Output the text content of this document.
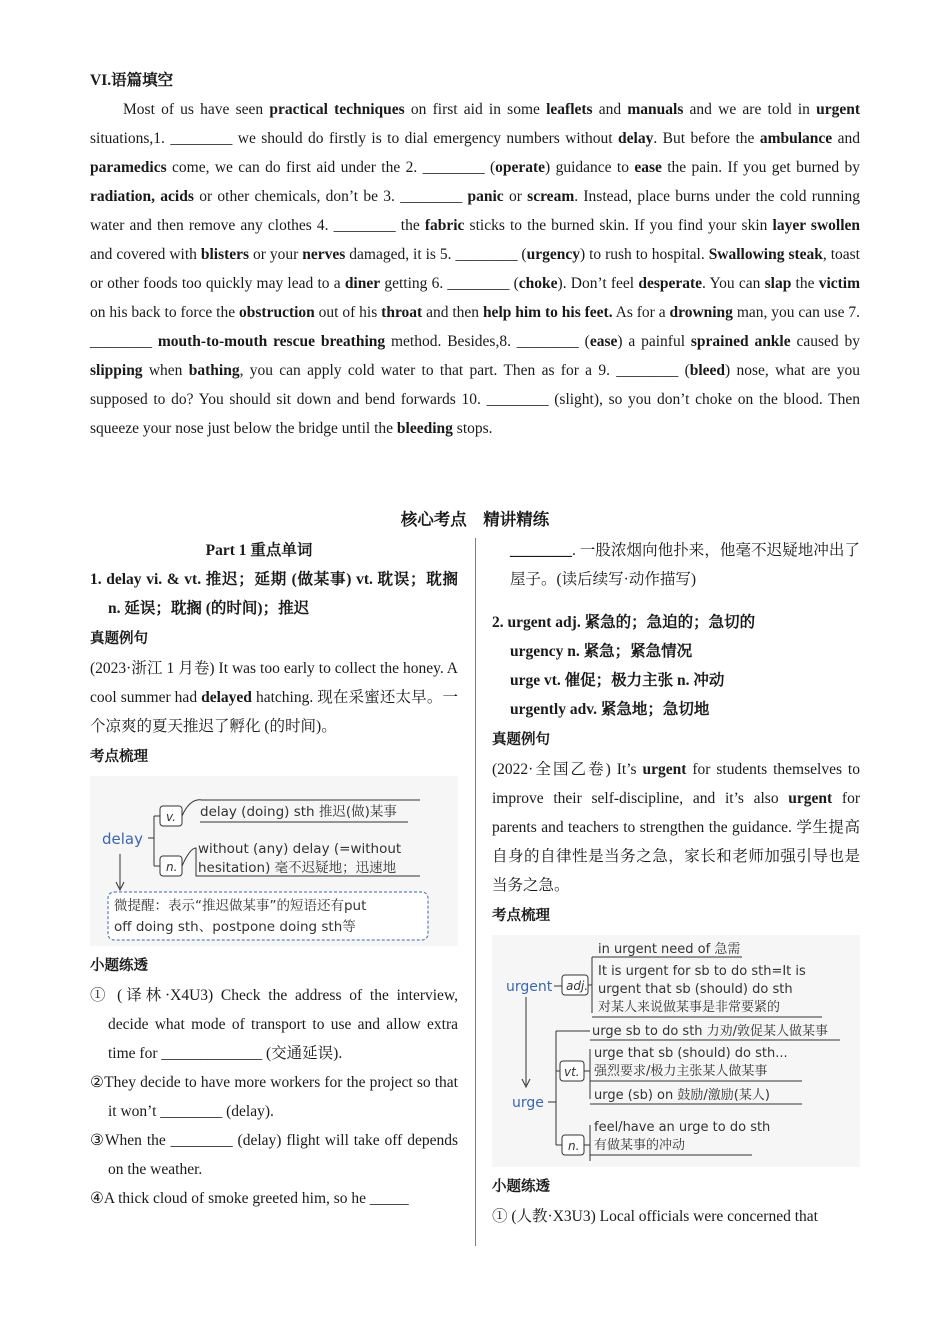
VI.语篇填空
Most of us have seen practical techniques on first aid in some leaflets and manuals and we are told in urgent situations,1. ________ we should do firstly is to dial emergency numbers without delay. But before the ambulance and paramedics come, we can do first aid under the 2. ________ (operate) guidance to ease the pain. If you get burned by radiation, acids or other chemicals, don’t be 3. ________ panic or scream. Instead, place burns under the cold running water and then remove any clothes 4. ________ the fabric sticks to the burned skin. If you find your skin layer swollen and covered with blisters or your nerves damaged, it is 5. ________ (urgency) to rush to hospital. Swallowing steak, toast or other foods too quickly may lead to a diner getting 6. ________ (choke). Don’t feel desperate. You can slap the victim on his back to force the obstruction out of his throat and then help him to his feet. As for a drowning man, you can use 7. ________ mouth-to-mouth rescue breathing method. Besides,8. ________ (ease) a painful sprained ankle caused by slipping when bathing, you can apply cold water to that part. Then as for a 9. ________ (bleed) nose, what are you supposed to do? You should sit down and bend forwards 10. ________ (slight), so you don’t choke on the blood. Then squeeze your nose just below the bridge until the bleeding stops.
核心考点　精讲精练
Part 1 重点单词
1. delay vi. & vt. 推迟；延期 (做某事) vt. 耽误；耽搁 n. 延误；耽搁 (的时间)；推迟
真题例句
(2023·浙江 1 月卷) It was too early to collect the honey. A cool summer had delayed hatching. 现在采蜜还太早。一个凉爽的夏天推迟了孵化 (的时间)。
考点梳理
delay
v. delay (doing) sth 推迟(做)某事
n.
without (any) delay (=without
hesitation) 毫不迟疑地；迅速地
微提醒：表示“推迟做某事”的短语还有put
off doing sth、postpone doing sth等
小题练透
① (译林·X4U3) Check the address of the interview, decide what mode of transport to use and allow extra time for _____________ (交通延误).
②They decide to have more workers for the project so that it won’t ________ (delay).
③When the ________ (delay) flight will take off depends on the weather.
④A thick cloud of smoke greeted him, so he _____
________. 一股浓烟向他扑来，他毫不迟疑地冲出了屋子。(读后续写·动作描写)
2. urgent adj. 紧急的；急迫的；急切的
urgency n. 紧急；紧急情况
urge vt. 催促；极力主张 n. 冲动
urgently adv. 紧急地；急切地
真题例句
(2022·全国乙卷) It’s urgent for students themselves to improve their self-discipline, and it’s also urgent for parents and teachers to strengthen the guidance. 学生提高自身的自律性是当务之急，家长和老师加强引导也是当务之急。
考点梳理
urgent adj.
in urgent need of 急需
It is urgent for sb to do sth=It is
urgent that sb (should) do sth
对某人来说做某事是非常要紧的
urge
urge sb to do sth 力劝/敦促某人做某事
vt.
urge that sb (should) do sth...
强烈要求/极力主张某人做某事
urge (sb) on 鼓励/激励(某人)
n.
feel/have an urge to do sth
有做某事的冲动
小题练透
① (人教·X3U3) Local officials were concerned that
